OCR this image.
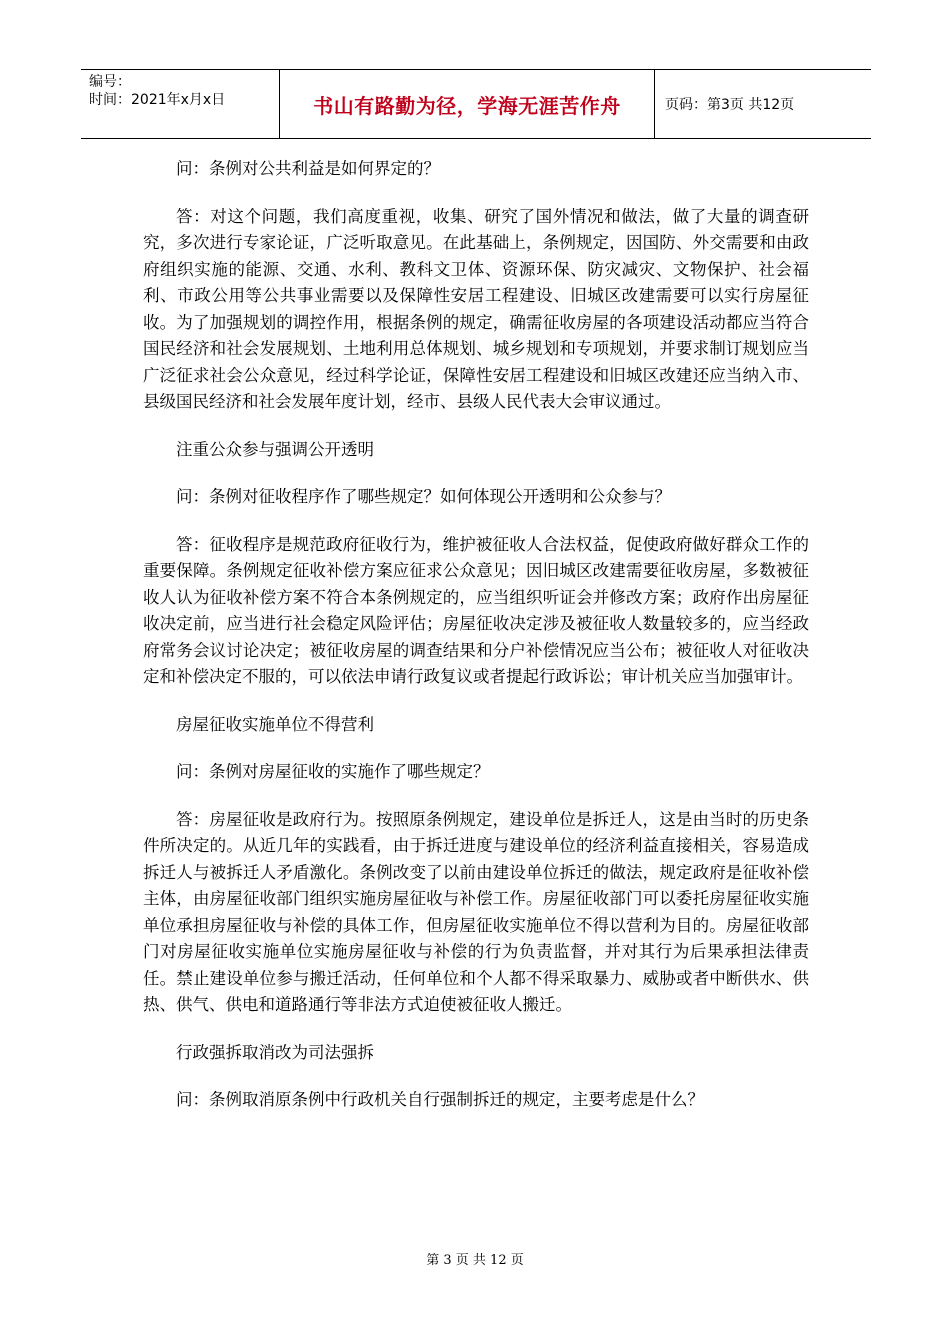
编号：
时间：2021年x月x日	书山有路勤为径，学海无涯苦作舟	页码：第3页 共12页

问：条例对公共利益是如何界定的？

答：对这个问题，我们高度重视，收集、研究了国外情况和做法，做了大量的调查研究，多次进行专家论证，广泛听取意见。在此基础上，条例规定，因国防、外交需要和由政府组织实施的能源、交通、水利、教科文卫体、资源环保、防灾减灾、文物保护、社会福利、市政公用等公共事业需要以及保障性安居工程建设、旧城区改建需要可以实行房屋征收。为了加强规划的调控作用，根据条例的规定，确需征收房屋的各项建设活动都应当符合国民经济和社会发展规划、土地利用总体规划、城乡规划和专项规划，并要求制订规划应当广泛征求社会公众意见，经过科学论证，保障性安居工程建设和旧城区改建还应当纳入市、县级国民经济和社会发展年度计划，经市、县级人民代表大会审议通过。

注重公众参与强调公开透明

问：条例对征收程序作了哪些规定？如何体现公开透明和公众参与？

答：征收程序是规范政府征收行为，维护被征收人合法权益，促使政府做好群众工作的重要保障。条例规定征收补偿方案应征求公众意见；因旧城区改建需要征收房屋，多数被征收人认为征收补偿方案不符合本条例规定的，应当组织听证会并修改方案；政府作出房屋征收决定前，应当进行社会稳定风险评估；房屋征收决定涉及被征收人数量较多的，应当经政府常务会议讨论决定；被征收房屋的调查结果和分户补偿情况应当公布；被征收人对征收决定和补偿决定不服的，可以依法申请行政复议或者提起行政诉讼；审计机关应当加强审计。

房屋征收实施单位不得营利

问：条例对房屋征收的实施作了哪些规定？

答：房屋征收是政府行为。按照原条例规定，建设单位是拆迁人，这是由当时的历史条件所决定的。从近几年的实践看，由于拆迁进度与建设单位的经济利益直接相关，容易造成拆迁人与被拆迁人矛盾激化。条例改变了以前由建设单位拆迁的做法，规定政府是征收补偿主体，由房屋征收部门组织实施房屋征收与补偿工作。房屋征收部门可以委托房屋征收实施单位承担房屋征收与补偿的具体工作，但房屋征收实施单位不得以营利为目的。房屋征收部门对房屋征收实施单位实施房屋征收与补偿的行为负责监督，并对其行为后果承担法律责任。禁止建设单位参与搬迁活动，任何单位和个人都不得采取暴力、威胁或者中断供水、供热、供气、供电和道路通行等非法方式迫使被征收人搬迁。

行政强拆取消改为司法强拆

问：条例取消原条例中行政机关自行强制拆迁的规定，主要考虑是什么？

第 3 页 共 12 页
